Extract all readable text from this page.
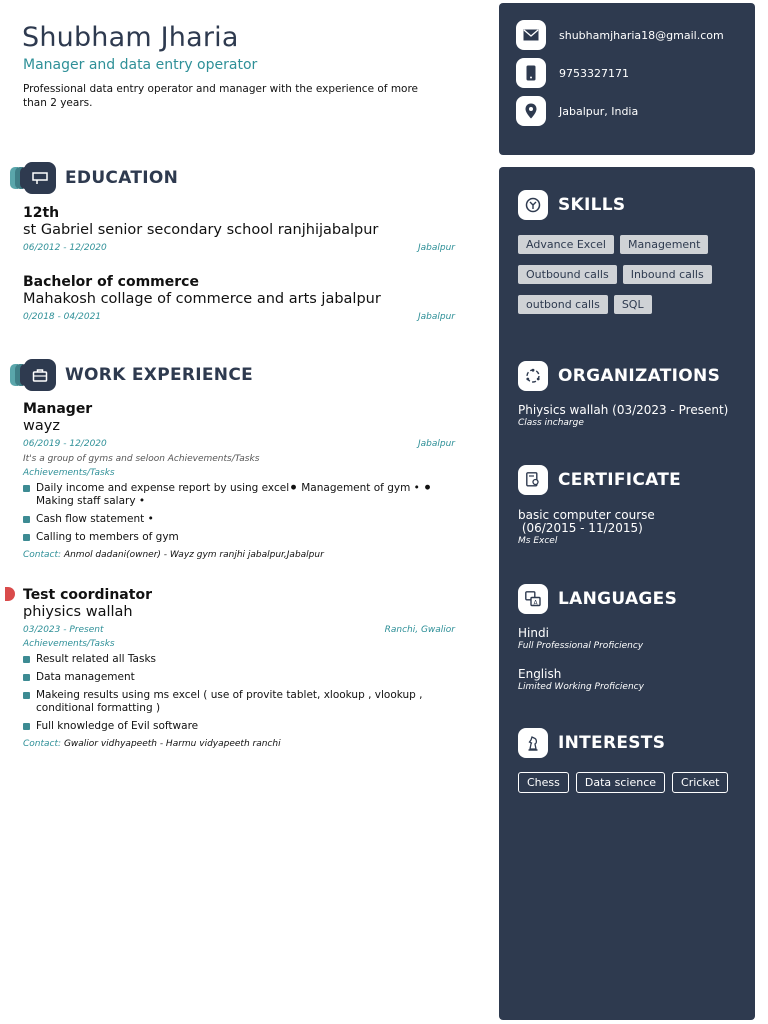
Shubham Jharia
Manager and data entry operator
Professional data entry operator and manager with the experience of more than 2 years.
EDUCATION
12th
st Gabriel senior secondary school ranjhijabalpur
06/2012 - 12/2020	Jabalpur
Bachelor of commerce
Mahakosh collage of commerce and arts jabalpur
0/2018 - 04/2021	Jabalpur
WORK EXPERIENCE
Manager
wayz
06/2019 - 12/2020	Jabalpur
It's a group of gyms and seloon Achievements/Tasks
Achievements/Tasks
Daily income and expense report by using excel⚫ Management of gym • ⚫ Making staff salary •
Cash flow statement •
Calling to members of gym
Contact: Anmol dadani(owner) - Wayz gym ranjhi jabalpur,Jabalpur
Test coordinator
phiysics wallah
03/2023 - Present	Ranchi, Gwalior
Achievements/Tasks
Result related all Tasks
Data management
Makeing results using ms excel ( use of provite tablet, xlookup , vlookup , conditional formatting )
Full knowledge of Evil software
Contact: Gwalior vidhyapeeth - Harmu vidyapeeth ranchi
shubhamjharia18@gmail.com
9753327171
Jabalpur, India
SKILLS
Advance Excel	Management
Outbound calls	Inbound calls
outbond calls	SQL
ORGANIZATIONS
Phiysics wallah (03/2023 - Present)
Class incharge
CERTIFICATE
basic computer course
(06/2015 - 11/2015)
Ms Excel
A LANGUAGES
Hindi
Full Professional Proficiency
English
Limited Working Proficiency
INTERESTS
Chess	Data science	Cricket
